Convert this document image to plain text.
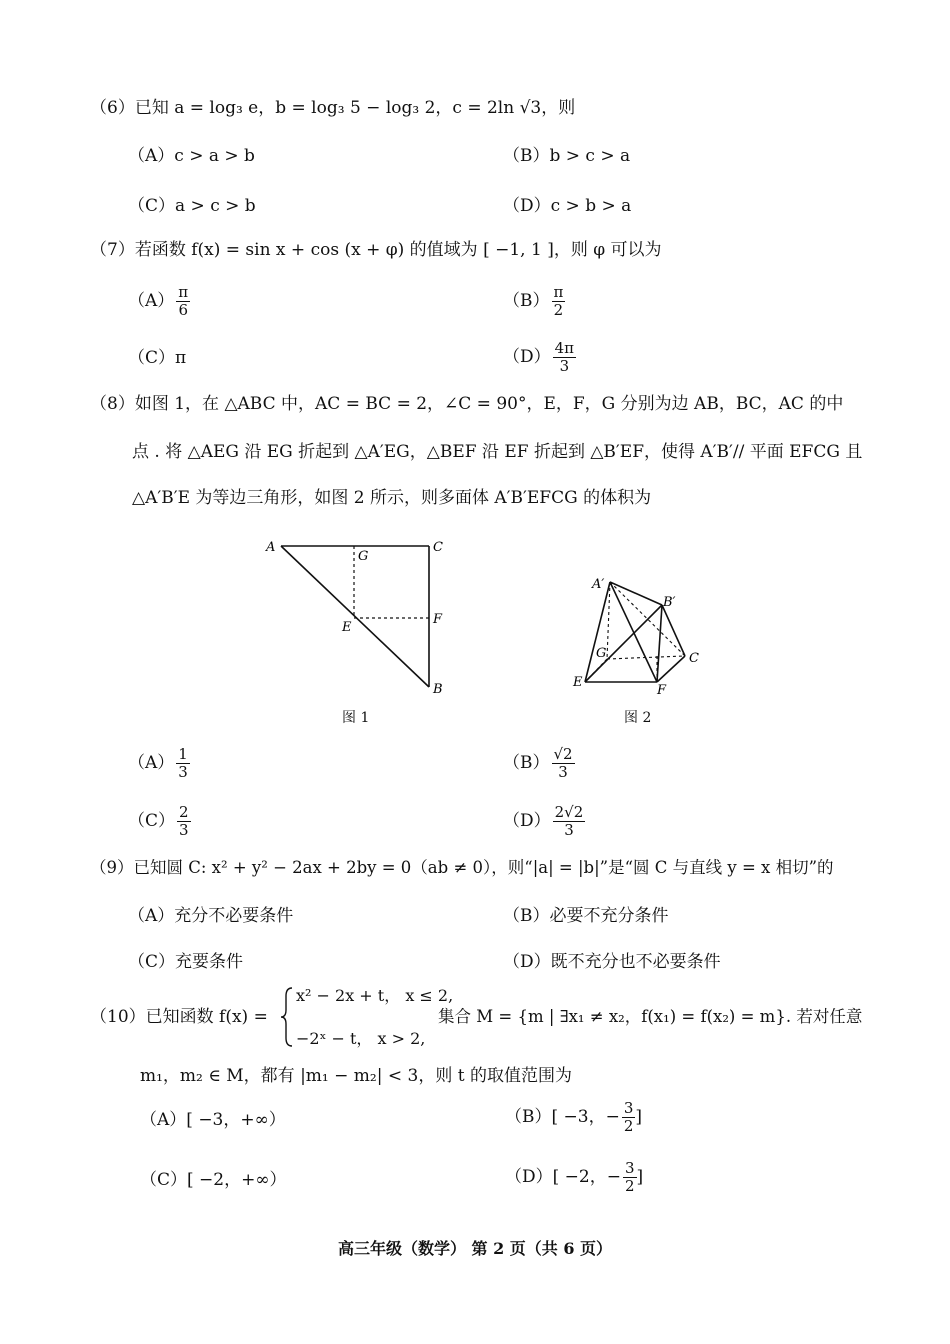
（6）已知 a = log₃ e，b = log₃ 5 − log₃ 2，c = 2ln √3，则
（A）c > a > b	（B）b > c > a
（C）a > c > b	（D）c > b > a
（7）若函数 f(x) = sin x + cos (x + φ) 的值域为 [ −1, 1 ]，则 φ 可以为
$(A) \frac{\pi}{6}$	$(B) \frac{\pi}{2}$
（C）π	$(D) \frac{4\pi}{3}$
（8）如图 1，在 △ABC 中，AC = BC = 2，∠C = 90°，E，F，G 分别为边 AB，BC，AC 的中
点 . 将 △AEG 沿 EG 折起到 △A′EG，△BEF 沿 EF 折起到 △B′EF，使得 A′B′// 平面 EFCG 且
△A′B′E 为等边三角形，如图 2 所示，则多面体 A′B′EFCG 的体积为
A	C
G
E
F
B
图 1
A′
B′
G	C
E
F
图 2
$(A) \frac{1}{3}$	$(B) \frac{√2}{3}$
$(C) \frac{2}{3}$	$(D) \frac{2√2}{3}$
（9）已知圆 C: x² + y² − 2ax + 2by = 0（ab ≠ 0），则“|a| = |b|”是“圆 C 与直线 y = x 相切”的
（A）充分不必要条件	（B）必要不充分条件
（C）充要条件	（D）既不充分也不必要条件
（10）已知函数 f(x) =
x² − 2x + t， x ≤ 2,
−2ˣ − t， x > 2,
集合 M = {m | ∃x₁ ≠ x₂，f(x₁) = f(x₂) = m}. 若对任意
m₁，m₂ ∈ M，都有 |m₁ − m₂| < 3，则 t 的取值范围为
（A）[ −3，+∞）	（B）[ −3，− $\frac{3}{2}$ ]
（C）[ −2，+∞）	（D）[ −2，− $\frac{3}{2}$ ]
高三年级（数学） 第 2 页（共 6 页）
